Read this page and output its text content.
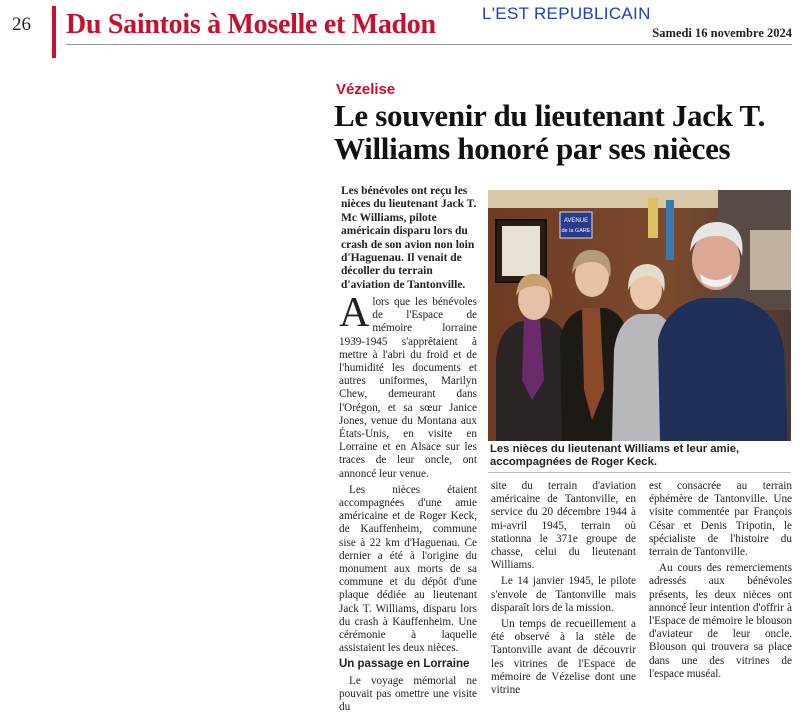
26 Du Saintois à Moselle et Madon	L'EST REPUBLICAIN
Samedi 16 novembre 2024
Vézelise
Le souvenir du lieutenant Jack T. Williams honoré par ses nièces
Les bénévoles ont reçu les nièces du lieutenant Jack T. Mc Williams, pilote américain disparu lors du crash de son avion non loin d'Haguenau. Il venait de décoller du terrain d'aviation de Tantonville.

Alors que les bénévoles de l'Espace de mémoire lorraine 1939-1945 s'apprêtaient à mettre à l'abri du froid et de l'humidité les documents et autres uniformes, Marilyn Chew, demeurant dans l'Orégon, et sa sœur Janice Jones, venue du Montana aux États-Unis, en visite en Lorraine et en Alsace sur les traces de leur oncle, ont annoncé leur venue.

Les nièces étaient accompagnées d'une amie américaine et de Roger Keck, de Kauffenheim, commune sise à 22 km d'Haguenau. Ce dernier a été à l'origine du monument aux morts de sa commune et du dépôt d'une plaque dédiée au lieutenant Jack T. Williams, disparu lors du crash à Kauffenheim. Une cérémonie à laquelle assistaient les deux nièces.

Un passage en Lorraine

Le voyage mémorial ne pouvait pas omettre une visite du

AVENUE
de la GARE
Les nièces du lieutenant Williams et leur amie, accompagnées de Roger Keck.

site du terrain d'aviation américaine de Tantonville, en service du 20 décembre 1944 à mi-avril 1945, terrain où stationna le 371e groupe de chasse, celui du lieutenant Williams.

Le 14 janvier 1945, le pilote s'envole de Tantonville mais disparaît lors de la mission.

Un temps de recueillement a été observé à la stèle de Tantonville avant de découvrir les vitrines de l'Espace de mémoire de Vézelise dont une vitrine

est consacrée au terrain éphémère de Tantonville. Une visite commentée par François César et Denis Tripotin, le spécialiste de l'histoire du terrain de Tantonville.

Au cours des remerciements adressés aux bénévoles présents, les deux nièces ont annoncé leur intention d'offrir à l'Espace de mémoire le blouson d'aviateur de leur oncle. Blouson qui trouvera sa place dans une des vitrines de l'espace muséal.
